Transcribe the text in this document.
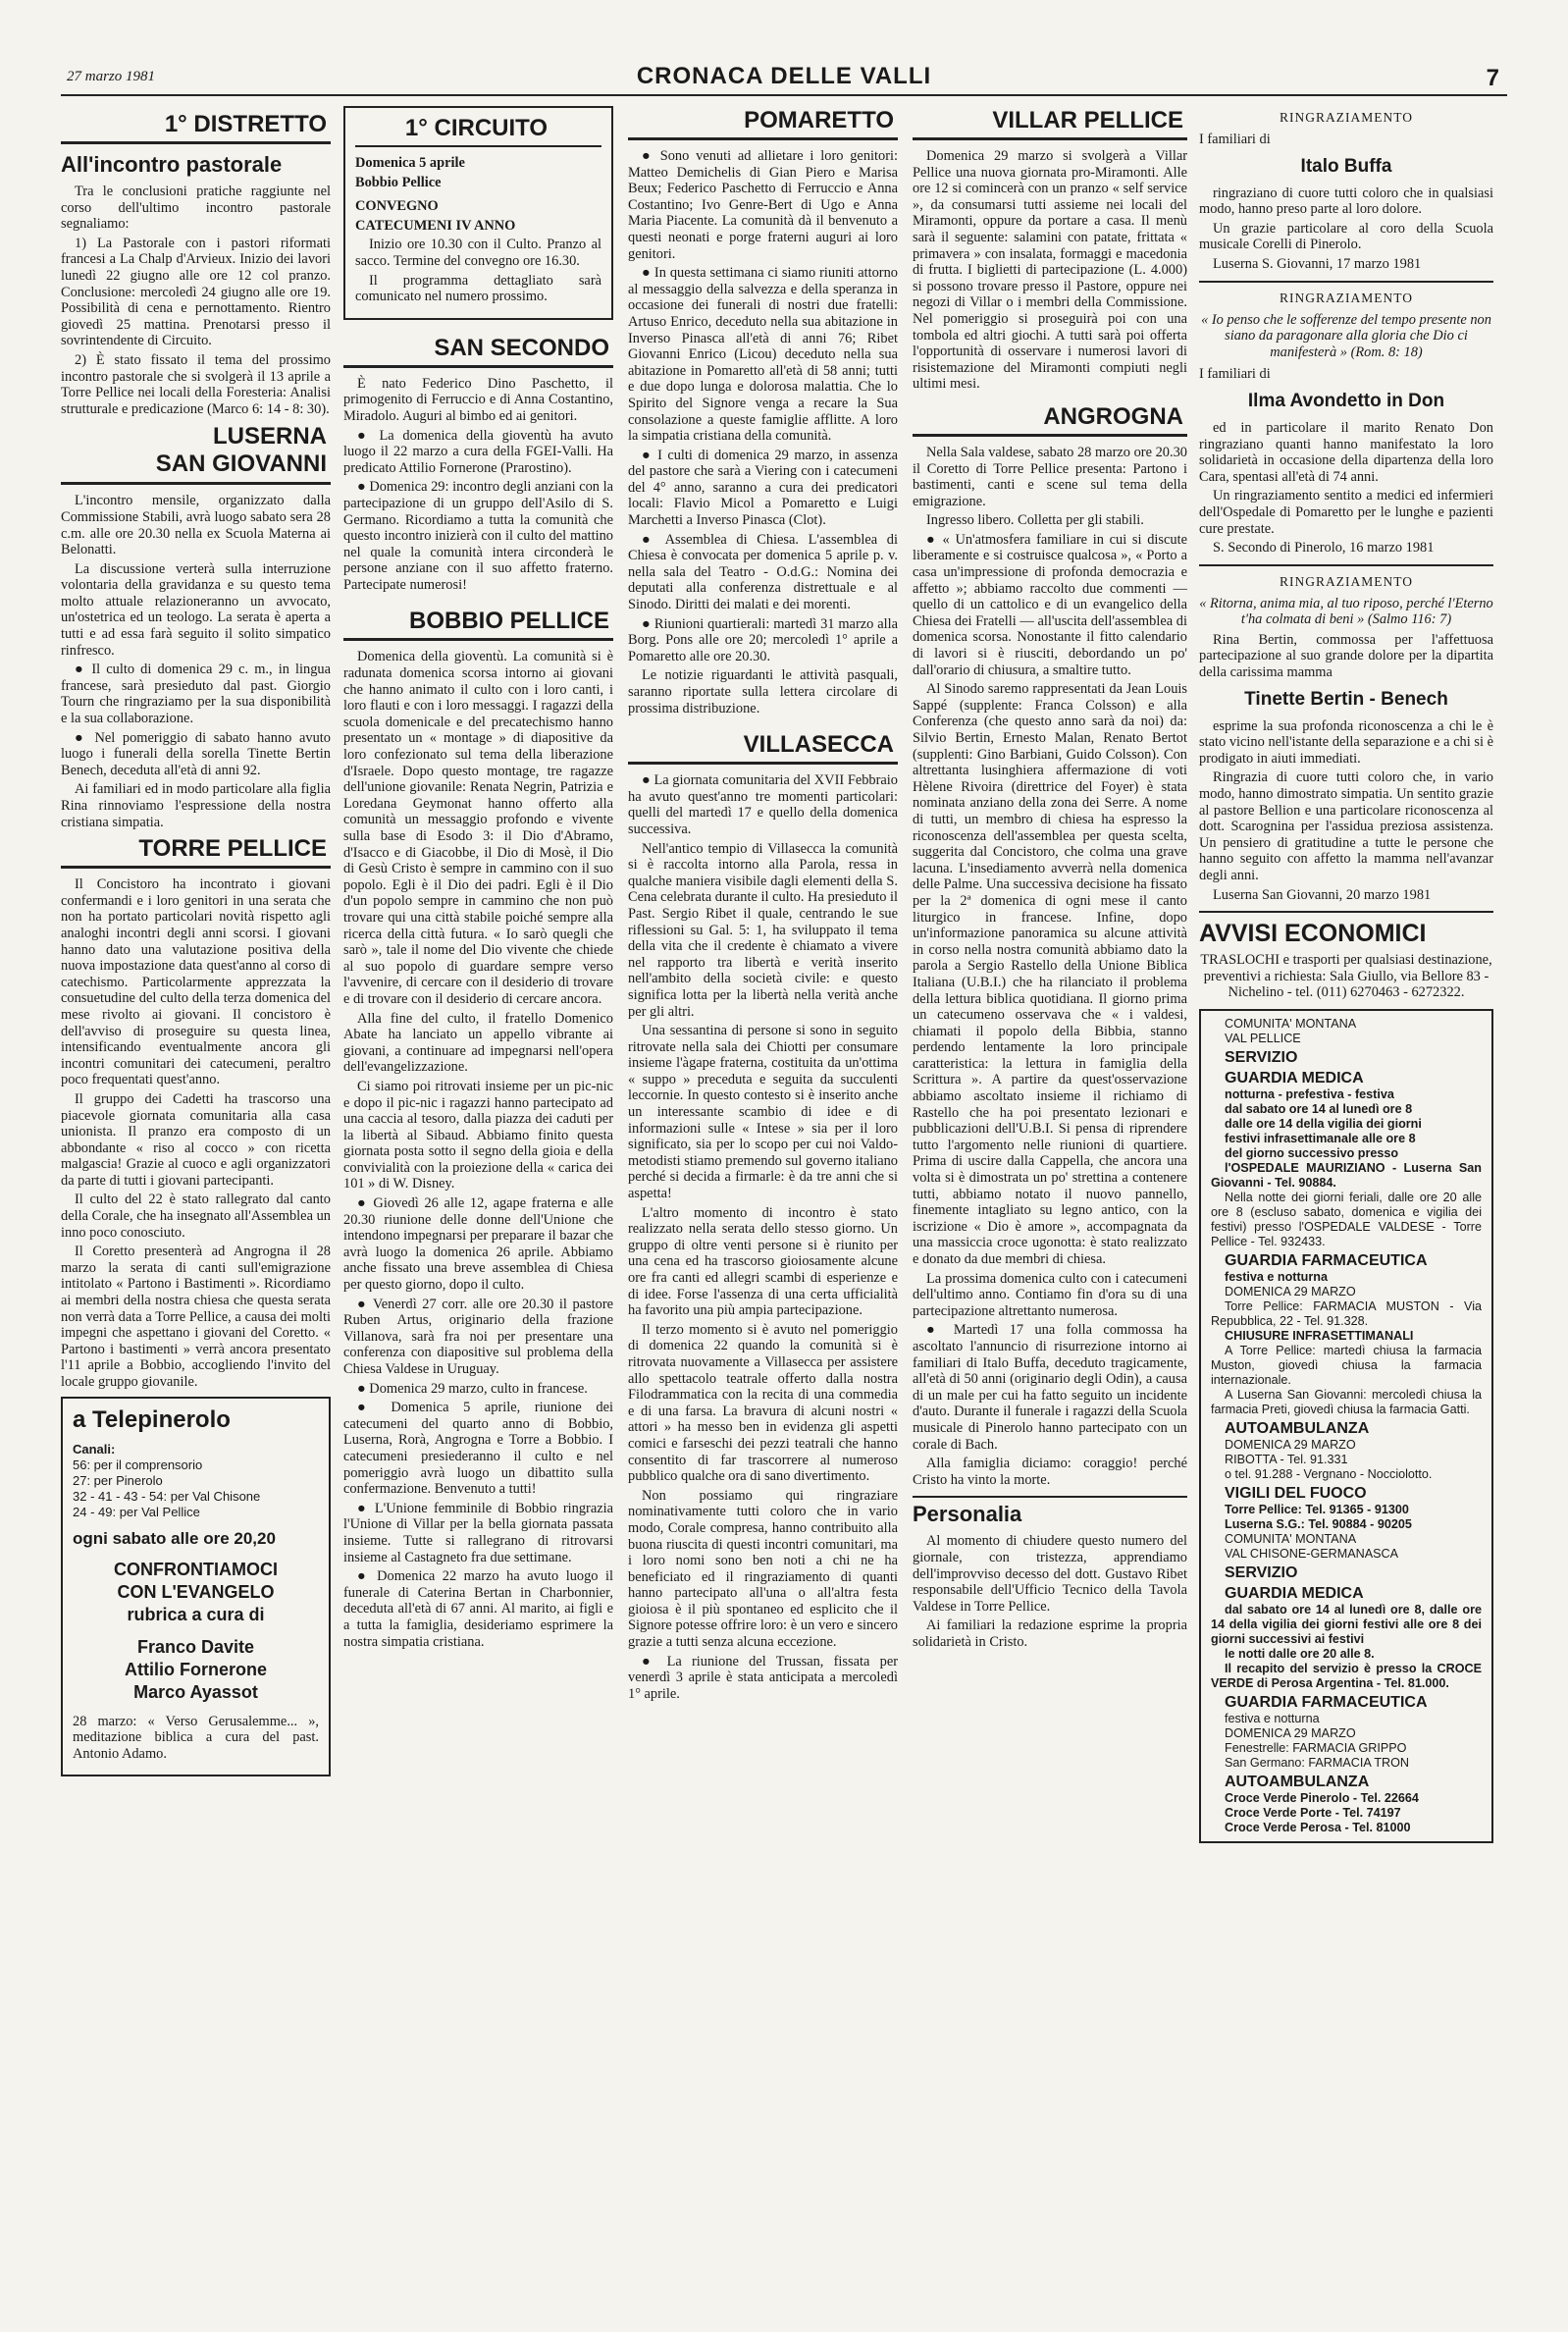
27 marzo 1981	CRONACA DELLE VALLI	7
1° DISTRETTO
All'incontro pastorale

Tra le conclusioni pratiche raggiunte nel corso dell'ultimo incontro pastorale segnaliamo:

1) La Pastorale con i pastori riformati francesi a La Chalp d'Arvieux. Inizio dei lavori lunedì 22 giugno alle ore 12 col pranzo. Conclusione: mercoledì 24 giugno alle ore 19. Possibilità di cena e pernottamento. Rientro giovedì 25 mattina. Prenotarsi presso il sovrintendente di Circuito.

2) È stato fissato il tema del prossimo incontro pastorale che si svolgerà il 13 aprile a Torre Pellice nei locali della Foresteria: Analisi strutturale e predicazione (Marco 6: 14 - 8: 30).

LUSERNA
SAN GIOVANNI

L'incontro mensile, organizzato dalla Commissione Stabili, avrà luogo sabato sera 28 c.m. alle ore 20.30 nella ex Scuola Materna ai Belonatti.

La discussione verterà sulla interruzione volontaria della gravidanza e su questo tema molto attuale relazioneranno un avvocato, un'ostetrica ed un teologo. La serata è aperta a tutti e ad essa farà seguito il solito simpatico rinfresco.

● Il culto di domenica 29 c. m., in lingua francese, sarà presieduto dal past. Giorgio Tourn che ringraziamo per la sua disponibilità e la sua collaborazione.

● Nel pomeriggio di sabato hanno avuto luogo i funerali della sorella Tinette Bertin Benech, deceduta all'età di anni 92.

Ai familiari ed in modo particolare alla figlia Rina rinnoviamo l'espressione della nostra cristiana simpatia.

TORRE PELLICE

Il Concistoro ha incontrato i giovani confermandi e i loro genitori in una serata che non ha portato particolari novità rispetto agli analoghi incontri degli anni scorsi. I giovani hanno dato una valutazione positiva della nuova impostazione data quest'anno al corso di catechismo. Particolarmente apprezzata la consuetudine del culto della terza domenica del mese rivolto ai giovani. Il concistoro è dell'avviso di proseguire su questa linea, intensificando eventualmente ancora gli incontri comunitari dei catecumeni, peraltro poco frequentati quest'anno.

Il gruppo dei Cadetti ha trascorso una piacevole giornata comunitaria alla casa unionista. Il pranzo era composto di un abbondante « riso al cocco » con ricetta malgascia! Grazie al cuoco e agli organizzatori da parte di tutti i giovani partecipanti.

Il culto del 22 è stato rallegrato dal canto della Corale, che ha insegnato all'Assemblea un inno poco conosciuto.

Il Coretto presenterà ad Angrogna il 28 marzo la serata di canti sull'emigrazione intitolato « Partono i Bastimenti ». Ricordiamo ai membri della nostra chiesa che questa serata non verrà data a Torre Pellice, a causa dei molti impegni che aspettano i giovani del Coretto. « Partono i bastimenti » verrà ancora presentato l'11 aprile a Bobbio, accogliendo l'invito del locale gruppo giovanile.

a Telepinerolo

Canali:

56: per il comprensorio

27: per Pinerolo

32 - 41 - 43 - 54: per Val Chisone

24 - 49: per Val Pellice

ogni sabato alle ore 20,20

CONFRONTIAMOCI
CON L'EVANGELO
rubrica a cura di
Franco Davite
Attilio Fornerone
Marco Ayassot

28 marzo: « Verso Gerusalemme... », meditazione biblica a cura del past. Antonio Adamo.

1° CIRCUITO

Domenica 5 aprile

Bobbio Pellice

CONVEGNO

CATECUMENI IV ANNO

Inizio ore 10.30 con il Culto. Pranzo al sacco. Termine del convegno ore 16.30.

Il programma dettagliato sarà comunicato nel numero prossimo.

SAN SECONDO

È nato Federico Dino Paschetto, il primogenito di Ferruccio e di Anna Costantino, Miradolo. Auguri al bimbo ed ai genitori.

● La domenica della gioventù ha avuto luogo il 22 marzo a cura della FGEI-Valli. Ha predicato Attilio Fornerone (Prarostino).

● Domenica 29: incontro degli anziani con la partecipazione di un gruppo dell'Asilo di S. Germano. Ricordiamo a tutta la comunità che questo incontro inizierà con il culto del mattino nel quale la comunità intera circonderà le persone anziane con il suo affetto fraterno. Partecipate numerosi!

BOBBIO PELLICE

Domenica della gioventù. La comunità si è radunata domenica scorsa intorno ai giovani che hanno animato il culto con i loro canti, i loro flauti e con i loro messaggi. I ragazzi della scuola domenicale e del precatechismo hanno presentato un « montage » di diapositive da loro confezionato sul tema della liberazione d'Israele. Dopo questo montage, tre ragazze dell'unione giovanile: Renata Negrin, Patrizia e Loredana Geymonat hanno offerto alla comunità un messaggio profondo e vivente sulla base di Esodo 3: il Dio d'Abramo, d'Isacco e di Giacobbe, il Dio di Mosè, il Dio di Gesù Cristo è sempre in cammino con il suo popolo. Egli è il Dio dei padri. Egli è il Dio d'un popolo sempre in cammino che non può trovare qui una città stabile poiché sempre alla ricerca della città futura. « Io sarò quegli che sarò », tale il nome del Dio vivente che chiede al suo popolo di guardare sempre verso l'avvenire, di cercare con il desiderio di trovare e di trovare con il desiderio di cercare ancora.

Alla fine del culto, il fratello Domenico Abate ha lanciato un appello vibrante ai giovani, a continuare ad impegnarsi nell'opera dell'evangelizzazione.

Ci siamo poi ritrovati insieme per un pic-nic e dopo il pic-nic i ragazzi hanno partecipato ad una caccia al tesoro, dalla piazza dei caduti per la libertà al Sibaud. Abbiamo finito questa giornata posta sotto il segno della gioia e della convivialità con la proiezione della « carica dei 101 » di W. Disney.

● Giovedì 26 alle 12, agape fraterna e alle 20.30 riunione delle donne dell'Unione che intendono impegnarsi per preparare il bazar che avrà luogo la domenica 26 aprile. Abbiamo anche fissato una breve assemblea di Chiesa per questo giorno, dopo il culto.

● Venerdì 27 corr. alle ore 20.30 il pastore Ruben Artus, originario della frazione Villanova, sarà fra noi per presentare una conferenza con diapositive sul problema della Chiesa Valdese in Uruguay.

● Domenica 29 marzo, culto in francese.

● Domenica 5 aprile, riunione dei catecumeni del quarto anno di Bobbio, Luserna, Rorà, Angrogna e Torre a Bobbio. I catecumeni presiederanno il culto e nel pomeriggio avrà luogo un dibattito sulla confermazione. Benvenuto a tutti!

● L'Unione femminile di Bobbio ringrazia l'Unione di Villar per la bella giornata passata insieme. Tutte si rallegrano di ritrovarsi insieme al Castagneto fra due settimane.

● Domenica 22 marzo ha avuto luogo il funerale di Caterina Bertan in Charbonnier, deceduta all'età di 67 anni. Al marito, ai figli e a tutta la famiglia, desideriamo esprimere la nostra simpatia cristiana.

POMARETTO

● Sono venuti ad allietare i loro genitori: Matteo Demichelis di Gian Piero e Marisa Beux; Federico Paschetto di Ferruccio e Anna Costantino; Ivo Genre-Bert di Ugo e Anna Maria Piacente. La comunità dà il benvenuto a questi neonati e porge fraterni auguri ai loro genitori.

● In questa settimana ci siamo riuniti attorno al messaggio della salvezza e della speranza in occasione dei funerali di nostri due fratelli: Artuso Enrico, deceduto nella sua abitazione in Inverso Pinasca all'età di anni 76; Ribet Giovanni Enrico (Licou) deceduto nella sua abitazione in Pomaretto all'età di 58 anni; tutti e due dopo lunga e dolorosa malattia. Che lo Spirito del Signore venga a recare la Sua consolazione a queste famiglie afflitte. A loro la simpatia cristiana della comunità.

● I culti di domenica 29 marzo, in assenza del pastore che sarà a Viering con i catecumeni del 4° anno, saranno a cura dei predicatori locali: Flavio Micol a Pomaretto e Luigi Marchetti a Inverso Pinasca (Clot).

● Assemblea di Chiesa. L'assemblea di Chiesa è convocata per domenica 5 aprile p. v. nella sala del Teatro - O.d.G.: Nomina dei deputati alla conferenza distrettuale e al Sinodo. Diritti dei malati e dei morenti.

● Riunioni quartierali: martedì 31 marzo alla Borg. Pons alle ore 20; mercoledì 1° aprile a Pomaretto alle ore 20.30.

Le notizie riguardanti le attività pasquali, saranno riportate sulla lettera circolare di prossima distribuzione.

VILLASECCA

● La giornata comunitaria del XVII Febbraio ha avuto quest'anno tre momenti particolari: quelli del martedì 17 e quello della domenica successiva.

Nell'antico tempio di Villasecca la comunità si è raccolta intorno alla Parola, ressa in qualche maniera visibile dagli elementi della S. Cena celebrata durante il culto. Ha presieduto il Past. Sergio Ribet il quale, centrando le sue riflessioni su Gal. 5: 1, ha sviluppato il tema della vita che il credente è chiamato a vivere nel rapporto tra libertà e verità inserito nell'ambito della società civile: e questo significa lotta per la libertà nella verità anche per gli altri.

Una sessantina di persone si sono in seguito ritrovate nella sala dei Chiotti per consumare insieme l'àgape fraterna, costituita da un'ottima « suppo » preceduta e seguita da succulenti leccornie. In questo contesto si è inserito anche un interessante scambio di idee e di informazioni sulle « Intese » sia per il loro significato, sia per lo scopo per cui noi Valdo-metodisti stiamo premendo sul governo italiano perché si decida a firmarle: è da tre anni che si aspetta!

L'altro momento di incontro è stato realizzato nella serata dello stesso giorno. Un gruppo di oltre venti persone si è riunito per una cena ed ha trascorso gioiosamente alcune ore fra canti ed allegri scambi di esperienze e di idee. Forse l'assenza di una certa ufficialità ha favorito una più ampia partecipazione.

Il terzo momento si è avuto nel pomeriggio di domenica 22 quando la comunità si è ritrovata nuovamente a Villasecca per assistere allo spettacolo teatrale offerto dalla nostra Filodrammatica con la recita di una commedia e di una farsa. La bravura di alcuni nostri « attori » ha messo ben in evidenza gli aspetti comici e farseschi dei pezzi teatrali che hanno consentito di far trascorrere al numeroso pubblico qualche ora di sano divertimento.

Non possiamo qui ringraziare nominativamente tutti coloro che in vario modo, Corale compresa, hanno contribuito alla buona riuscita di questi incontri comunitari, ma i loro nomi sono ben noti a chi ne ha beneficiato ed il ringraziamento di quanti hanno partecipato all'una o all'altra festa gioiosa è il più spontaneo ed esplicito che il Signore potesse offrire loro: è un vero e sincero grazie a tutti senza alcuna eccezione.

● La riunione del Trussan, fissata per venerdì 3 aprile è stata anticipata a mercoledì 1° aprile.

VILLAR PELLICE

Domenica 29 marzo si svolgerà a Villar Pellice una nuova giornata pro-Miramonti. Alle ore 12 si comincerà con un pranzo « self service », da consumarsi tutti assieme nei locali del Miramonti, oppure da portare a casa. Il menù sarà il seguente: salamini con patate, frittata « primavera » con insalata, formaggi e macedonia di frutta. I biglietti di partecipazione (L. 4.000) si possono trovare presso il Pastore, oppure nei negozi di Villar o i membri della Commissione. Nel pomeriggio si proseguirà poi con una tombola ed altri giochi. A tutti sarà poi offerta l'opportunità di osservare i numerosi lavori di risistemazione del Miramonti compiuti negli ultimi mesi.

ANGROGNA

Nella Sala valdese, sabato 28 marzo ore 20.30 il Coretto di Torre Pellice presenta: Partono i bastimenti, canti e scene sul tema della emigrazione.

Ingresso libero. Colletta per gli stabili.

● « Un'atmosfera familiare in cui si discute liberamente e si costruisce qualcosa », « Porto a casa un'impressione di profonda democrazia e affetto »; abbiamo raccolto due commenti — quello di un cattolico e di un evangelico della Chiesa dei Fratelli — all'uscita dell'assemblea di domenica scorsa. Nonostante il fitto calendario di lavori si è riusciti, debordando un po' dall'orario di chiusura, a smaltire tutto.

Al Sinodo saremo rappresentati da Jean Louis Sappé (supplente: Franca Colsson) e alla Conferenza (che questo anno sarà da noi) da: Silvio Bertin, Ernesto Malan, Renato Bertot (supplenti: Gino Barbiani, Guido Colsson). Con altrettanta lusinghiera affermazione di voti Hèlene Rivoira (direttrice del Foyer) è stata nominata anziano della zona dei Serre. A nome di tutti, un membro di chiesa ha espresso la riconoscenza dell'assemblea per questa scelta, suggerita dal Concistoro, che colma una grave lacuna. L'insediamento avverrà nella domenica delle Palme. Una successiva decisione ha fissato per la 2ª domenica di ogni mese il canto liturgico in francese. Infine, dopo un'informazione panoramica su alcune attività in corso nella nostra comunità abbiamo dato la parola a Sergio Rastello della Unione Biblica Italiana (U.B.I.) che ha rilanciato il problema della lettura biblica quotidiana. Il giorno prima un catecumeno osservava che « i valdesi, chiamati il popolo della Bibbia, stanno perdendo lentamente la loro principale caratteristica: la lettura in famiglia della Scrittura ». A partire da quest'osservazione abbiamo ascoltato insieme il richiamo di Rastello che ha poi presentato lezionari e pubblicazioni dell'U.B.I. Si pensa di riprendere tutto l'argomento nelle riunioni di quartiere. Prima di uscire dalla Cappella, che ancora una volta si è dimostrata un po' strettina a contenere tutti, abbiamo notato il nuovo pannello, finemente intagliato su legno antico, con la iscrizione « Dio è amore », accompagnata da una massiccia croce ugonotta: è stato realizzato e donato da due membri di chiesa.

La prossima domenica culto con i catecumeni dell'ultimo anno. Contiamo fin d'ora su di una partecipazione altrettanto numerosa.

● Martedì 17 una folla commossa ha ascoltato l'annuncio di risurrezione intorno ai familiari di Italo Buffa, deceduto tragicamente, all'età di 50 anni (originario degli Odin), a causa di un male per cui ha fatto seguito un incidente d'auto. Durante il funerale i ragazzi della Scuola musicale di Pinerolo hanno partecipato con un corale di Bach.

Alla famiglia diciamo: coraggio! perché Cristo ha vinto la morte.

Personalia

Al momento di chiudere questo numero del giornale, con tristezza, apprendiamo dell'improvviso decesso del dott. Gustavo Ribet responsabile dell'Ufficio Tecnico della Tavola Valdese in Torre Pellice.

Ai familiari la redazione esprime la propria solidarietà in Cristo.

RINGRAZIAMENTO

I familiari di

Italo Buffa

ringraziano di cuore tutti coloro che in qualsiasi modo, hanno preso parte al loro dolore.

Un grazie particolare al coro della Scuola musicale Corelli di Pinerolo.

Luserna S. Giovanni, 17 marzo 1981

RINGRAZIAMENTO

« Io penso che le sofferenze del tempo presente non siano da paragonare alla gloria che Dio ci manifesterà » (Rom. 8: 18)

I familiari di

Ilma Avondetto in Don

ed in particolare il marito Renato Don ringraziano quanti hanno manifestato la loro solidarietà in occasione della dipartenza della loro Cara, spentasi all'età di 74 anni.

Un ringraziamento sentito a medici ed infermieri dell'Ospedale di Pomaretto per le lunghe e pazienti cure prestate.

S. Secondo di Pinerolo, 16 marzo 1981

RINGRAZIAMENTO

« Ritorna, anima mia, al tuo riposo, perché l'Eterno t'ha colmata di beni » (Salmo 116: 7)

Rina Bertin, commossa per l'affettuosa partecipazione al suo grande dolore per la dipartita della carissima mamma

Tinette Bertin - Benech

esprime la sua profonda riconoscenza a chi le è stato vicino nell'istante della separazione e a chi si è prodigato in aiuti immediati.

Ringrazia di cuore tutti coloro che, in vario modo, hanno dimostrato simpatia. Un sentito grazie al pastore Bellion e una particolare riconoscenza al dott. Scarognina per l'assidua preziosa assistenza. Un pensiero di gratitudine a tutte le persone che hanno seguito con affetto la mamma nell'avanzar degli anni.

Luserna San Giovanni, 20 marzo 1981

AVVISI ECONOMICI

TRASLOCHI e trasporti per qualsiasi destinazione, preventivi a richiesta: Sala Giullo, via Bellore 83 - Nichelino - tel. (011) 6270463 - 6272322.

COMUNITA' MONTANA

VAL PELLICE

SERVIZIO

GUARDIA MEDICA

notturna - prefestiva - festiva

dal sabato ore 14 al lunedì ore 8

dalle ore 14 della vigilia dei giorni

festivi infrasettimanale alle ore 8

del giorno successivo presso

l'OSPEDALE MAURIZIANO - Luserna San Giovanni - Tel. 90884.

Nella notte dei giorni feriali, dalle ore 20 alle ore 8 (escluso sabato, domenica e vigilia dei festivi) presso l'OSPEDALE VALDESE - Torre Pellice - Tel. 932433.

GUARDIA FARMACEUTICA

festiva e notturna

DOMENICA 29 MARZO

Torre Pellice: FARMACIA MUSTON - Via Repubblica, 22 - Tel. 91.328.

CHIUSURE INFRASETTIMANALI

A Torre Pellice: martedì chiusa la farmacia Muston, giovedì chiusa la farmacia internazionale.

A Luserna San Giovanni: mercoledì chiusa la farmacia Preti, giovedì chiusa la farmacia Gatti.

AUTOAMBULANZA

DOMENICA 29 MARZO

RIBOTTA - Tel. 91.331

o tel. 91.288 - Vergnano - Nocciolotto.

VIGILI DEL FUOCO

Torre Pellice: Tel. 91365 - 91300

Luserna S.G.: Tel. 90884 - 90205

COMUNITA' MONTANA

VAL CHISONE-GERMANASCA

SERVIZIO

GUARDIA MEDICA

dal sabato ore 14 al lunedì ore 8, dalle ore 14 della vigilia dei giorni festivi alle ore 8 dei giorni successivi ai festivi

le notti dalle ore 20 alle 8.

Il recapito del servizio è presso la CROCE VERDE di Perosa Argentina - Tel. 81.000.

GUARDIA FARMACEUTICA

festiva e notturna

DOMENICA 29 MARZO

Fenestrelle: FARMACIA GRIPPO

San Germano: FARMACIA TRON

AUTOAMBULANZA

Croce Verde Pinerolo - Tel. 22664

Croce Verde Porte - Tel. 74197

Croce Verde Perosa - Tel. 81000
